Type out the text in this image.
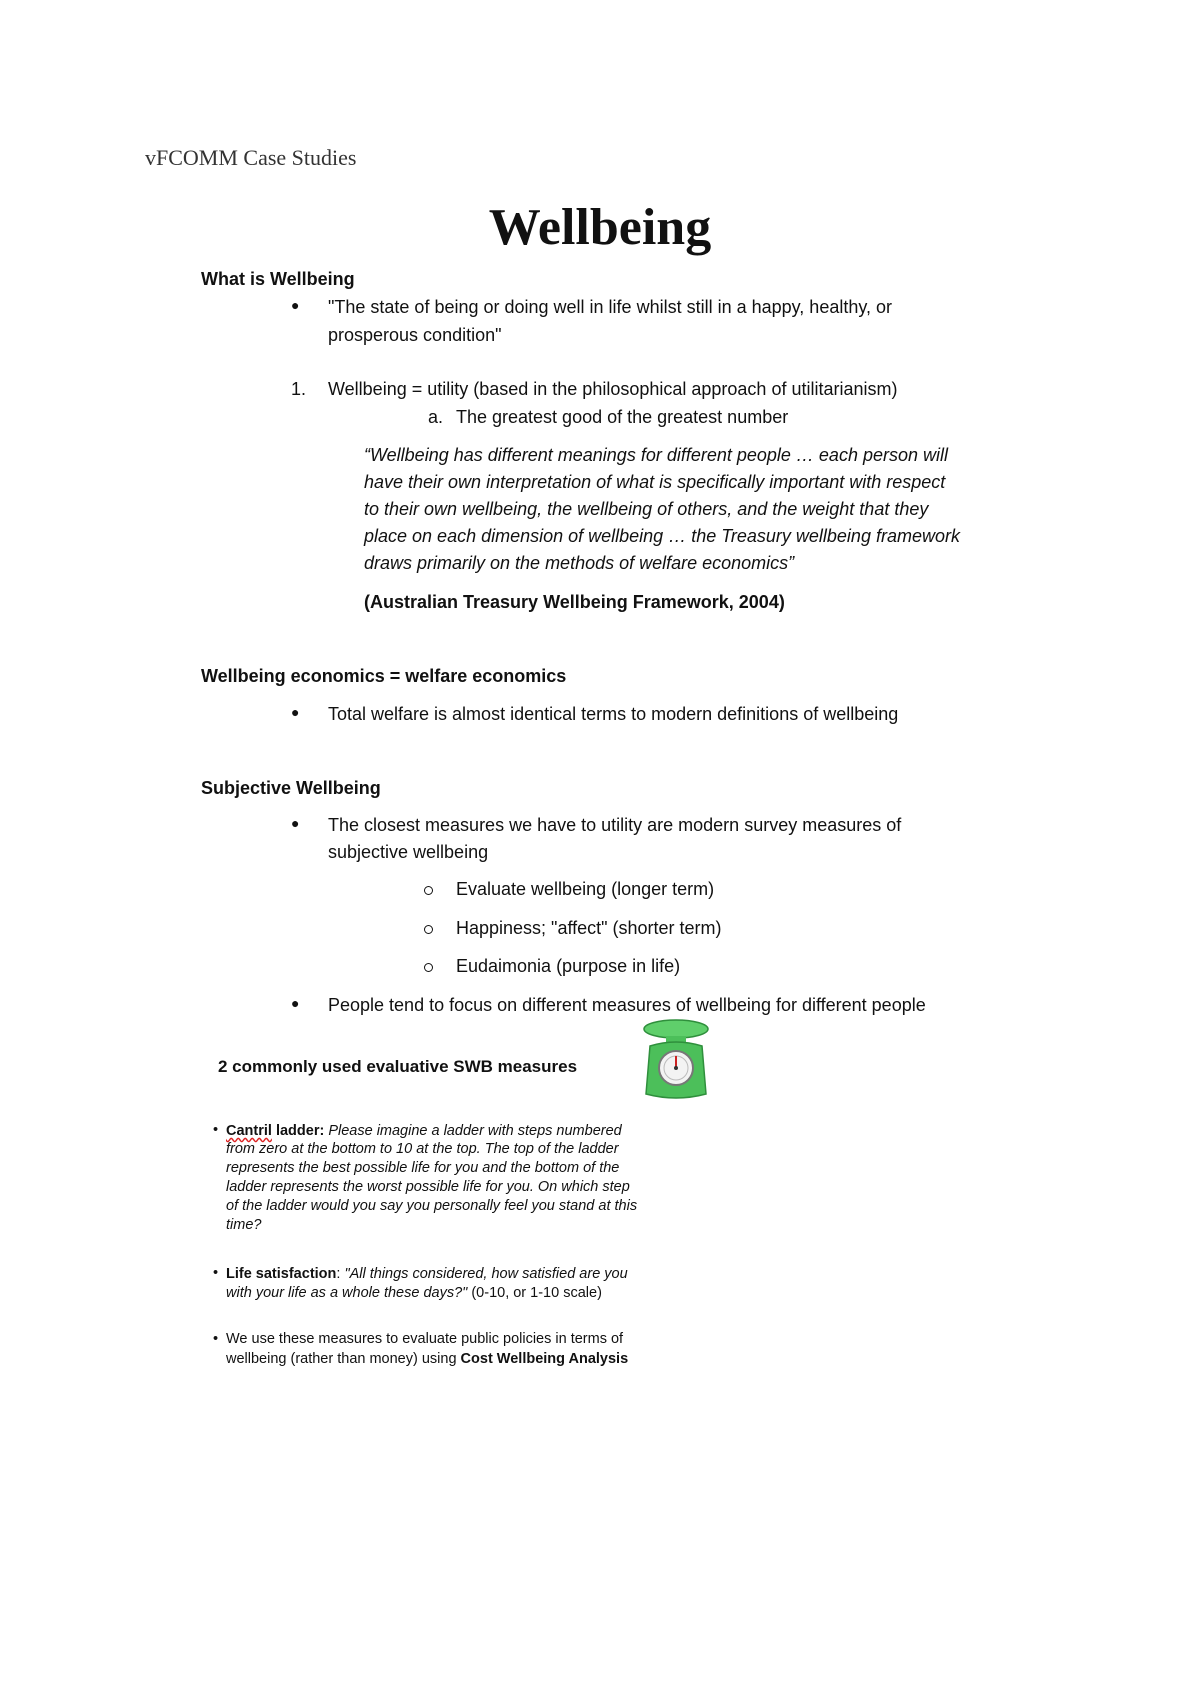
vFCOMM Case Studies
Wellbeing
What is Wellbeing
● "The state of being or doing well in life whilst still in a happy, healthy, or
prosperous condition"
1. Wellbeing = utility (based in the philosophical approach of utilitarianism)
a. The greatest good of the greatest number
“Wellbeing has different meanings for different people … each person will
have their own interpretation of what is specifically important with respect
to their own wellbeing, the wellbeing of others, and the weight that they
place on each dimension of wellbeing … the Treasury wellbeing framework
draws primarily on the methods of welfare economics”
(Australian Treasury Wellbeing Framework, 2004)
Wellbeing economics = welfare economics
● Total welfare is almost identical terms to modern definitions of wellbeing
Subjective Wellbeing
● The closest measures we have to utility are modern survey measures of
subjective wellbeing
Evaluate wellbeing (longer term)
Happiness; "affect" (shorter term)
Eudaimonia (purpose in life)
● People tend to focus on different measures of wellbeing for different people
2 commonly used evaluative SWB measures
• Cantril ladder: Please imagine a ladder with steps numbered
from zero at the bottom to 10 at the top. The top of the ladder
represents the best possible life for you and the bottom of the
ladder represents the worst possible life for you. On which step
of the ladder would you say you personally feel you stand at this
time?
• Life satisfaction: "All things considered, how satisfied are you
with your life as a whole these days?" (0-10, or 1-10 scale)
• We use these measures to evaluate public policies in terms of
wellbeing (rather than money) using Cost Wellbeing Analysis
